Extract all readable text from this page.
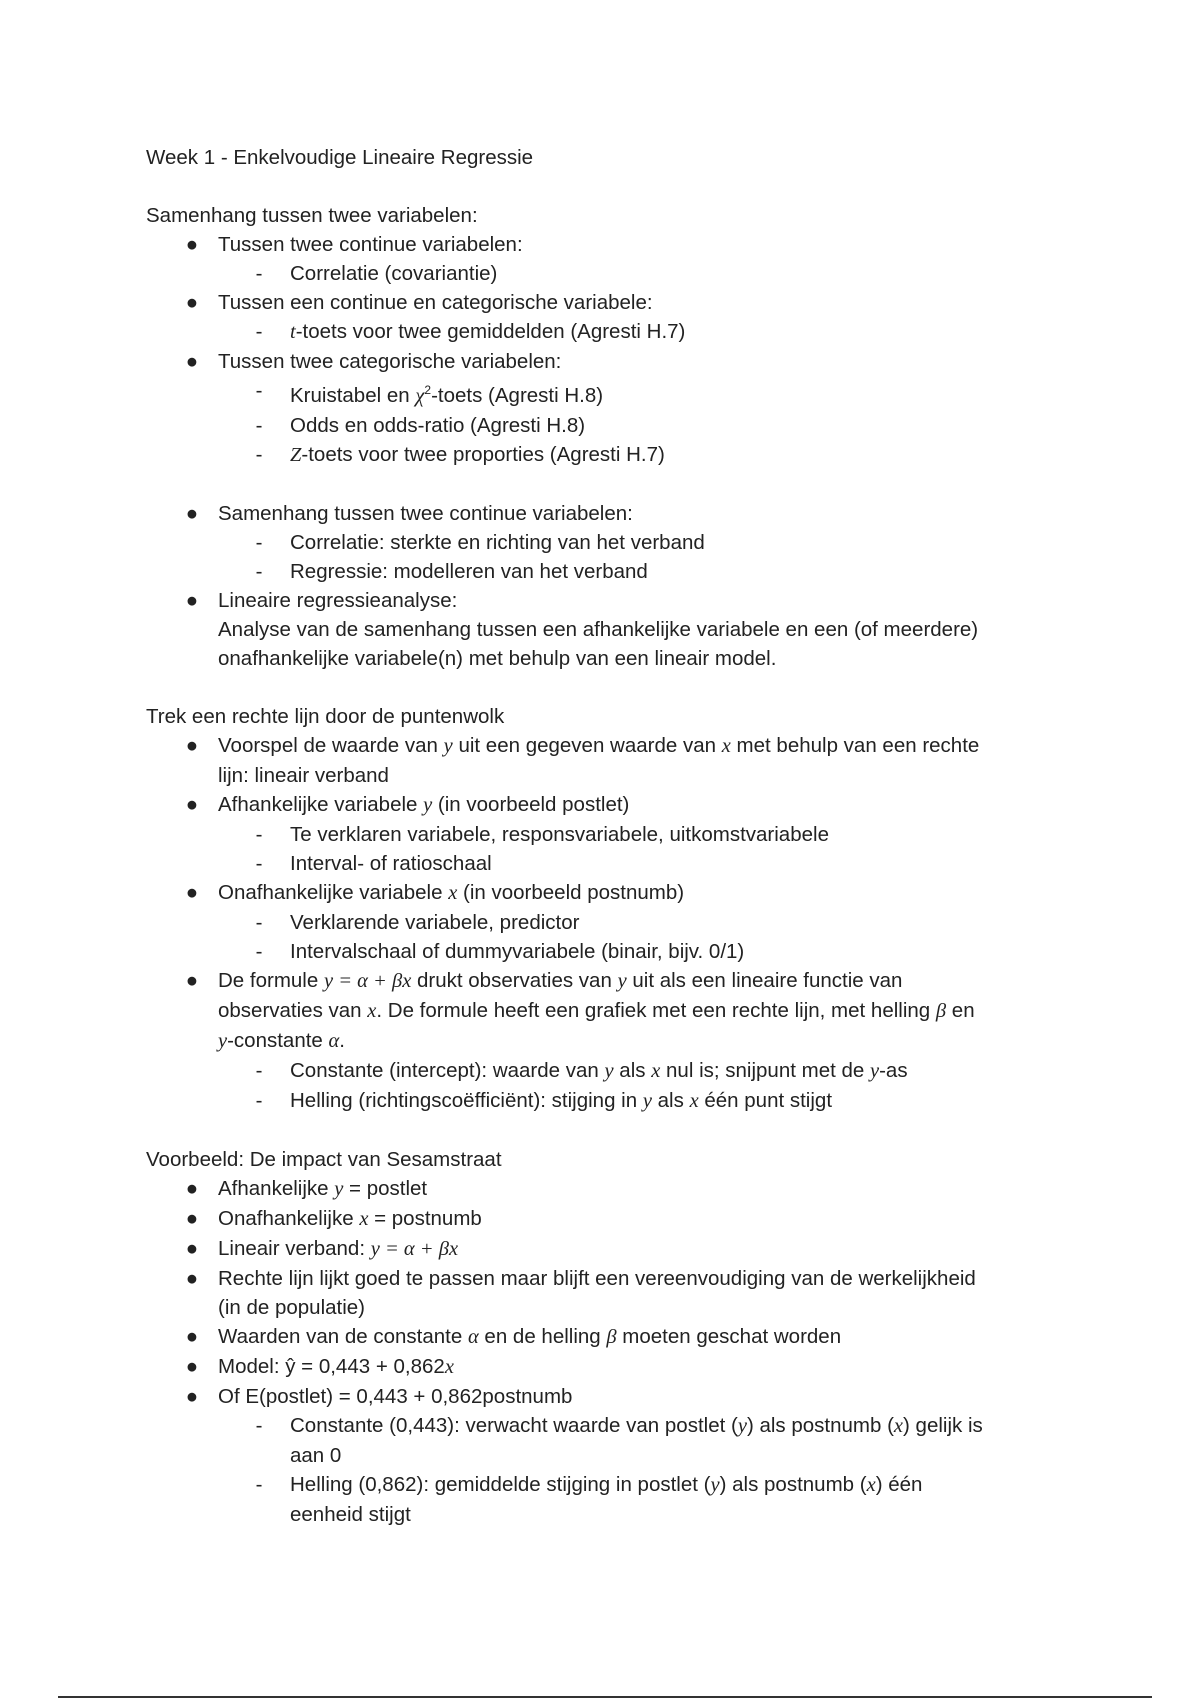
Week 1 - Enkelvoudige Lineaire Regressie
Samenhang tussen twee variabelen:
● Tussen twee continue variabelen:
- Correlatie (covariantie)
● Tussen een continue en categorische variabele:
- t-toets voor twee gemiddelden (Agresti H.7)
● Tussen twee categorische variabelen:
- Kruistabel en $\chi^2$-toets (Agresti H.8)
- Odds en odds-ratio (Agresti H.8)
- Z-toets voor twee proporties (Agresti H.7)
● Samenhang tussen twee continue variabelen:
- Correlatie: sterkte en richting van het verband
- Regressie: modelleren van het verband
● Lineaire regressieanalyse:
Analyse van de samenhang tussen een afhankelijke variabele en een (of meerdere)
onafhankelijke variabele(n) met behulp van een lineair model.
Trek een rechte lijn door de puntenwolk
● Voorspel de waarde van y uit een gegeven waarde van x met behulp van een rechte
lijn: lineair verband
● Afhankelijke variabele y (in voorbeeld postlet)
- Te verklaren variabele, responsvariabele, uitkomstvariabele
- Interval- of ratioschaal
● Onafhankelijke variabele x (in voorbeeld postnumb)
- Verklarende variabele, predictor
- Intervalschaal of dummyvariabele (binair, bijv. 0/1)
● De formule y = α + βx drukt observaties van y uit als een lineaire functie van
observaties van x. De formule heeft een grafiek met een rechte lijn, met helling β en
y-constante α.
- Constante (intercept): waarde van y als x nul is; snijpunt met de y-as
- Helling (richtingscoëfficiënt): stijging in y als x één punt stijgt
Voorbeeld: De impact van Sesamstraat
● Afhankelijke y = postlet
● Onafhankelijke x = postnumb
● Lineair verband: y = α + βx
● Rechte lijn lijkt goed te passen maar blijft een vereenvoudiging van de werkelijkheid
(in de populatie)
● Waarden van de constante α en de helling β moeten geschat worden
● Model: ŷ = 0,443 + 0,862x
● Of E(postlet) = 0,443 + 0,862postnumb
- Constante (0,443): verwacht waarde van postlet (y) als postnumb (x) gelijk is
aan 0
- Helling (0,862): gemiddelde stijging in postlet (y) als postnumb (x) één
eenheid stijgt
